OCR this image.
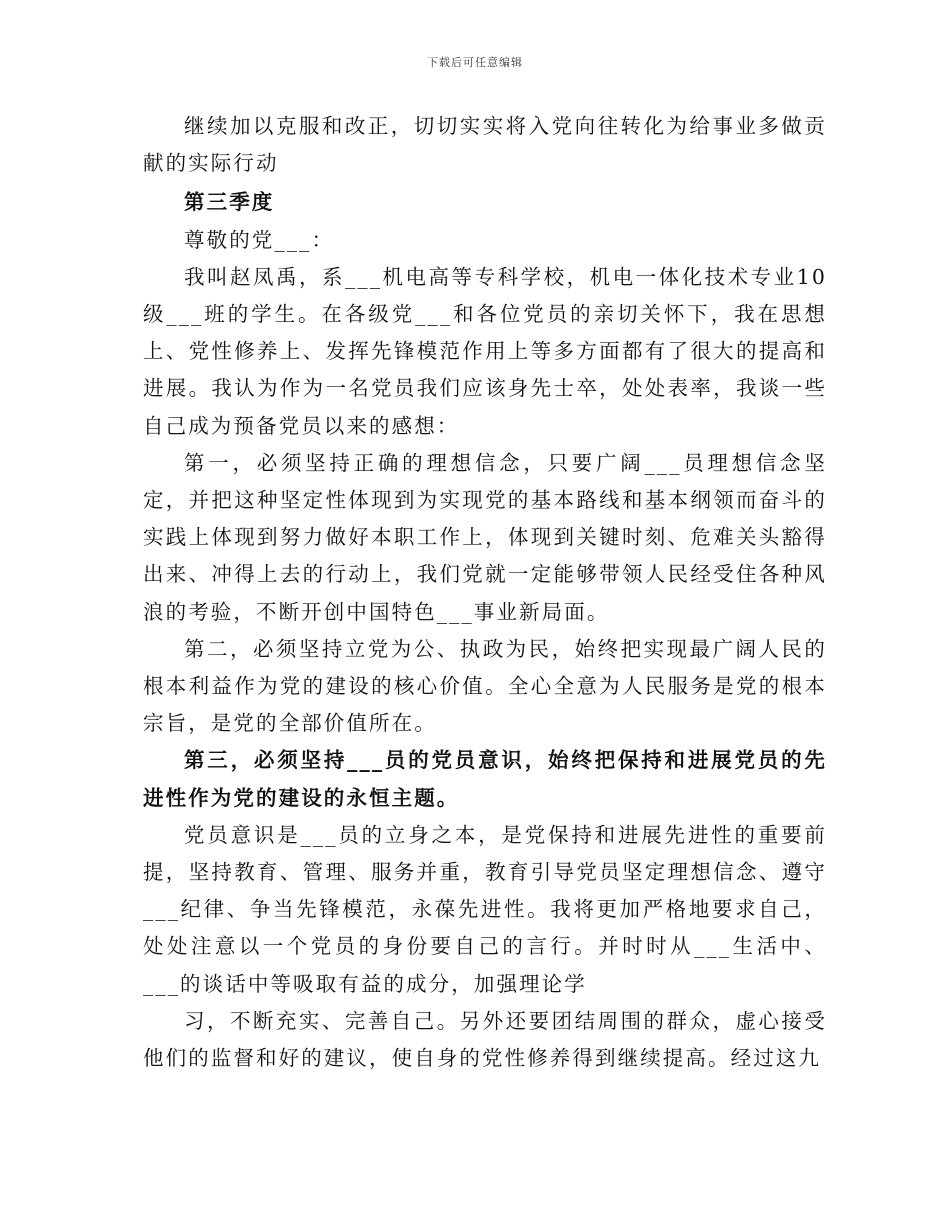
下载后可任意编辑

继续加以克服和改正，切切实实将入党向往转化为给事业多做贡献的实际行动

第三季度

尊敬的党___：

我叫赵凤禹，系___机电高等专科学校，机电一体化技术专业10级___班的学生。在各级党___和各位党员的亲切关怀下，我在思想上、党性修养上、发挥先锋模范作用上等多方面都有了很大的提高和进展。我认为作为一名党员我们应该身先士卒，处处表率，我谈一些自己成为预备党员以来的感想：

第一，必须坚持正确的理想信念，只要广阔___员理想信念坚定，并把这种坚定性体现到为实现党的基本路线和基本纲领而奋斗的实践上体现到努力做好本职工作上，体现到关键时刻、危难关头豁得出来、冲得上去的行动上，我们党就一定能够带领人民经受住各种风浪的考验，不断开创中国特色___事业新局面。

第二，必须坚持立党为公、执政为民，始终把实现最广阔人民的根本利益作为党的建设的核心价值。全心全意为人民服务是党的根本宗旨，是党的全部价值所在。

第三，必须坚持___员的党员意识，始终把保持和进展党员的先进性作为党的建设的永恒主题。

党员意识是___员的立身之本，是党保持和进展先进性的重要前提，坚持教育、管理、服务并重，教育引导党员坚定理想信念、遵守___纪律、争当先锋模范，永葆先进性。我将更加严格地要求自己，处处注意以一个党员的身份要自己的言行。并时时从___生活中、___的谈话中等吸取有益的成分，加强理论学

习，不断充实、完善自己。另外还要团结周围的群众，虚心接受他们的监督和好的建议，使自身的党性修养得到继续提高。经过这九
